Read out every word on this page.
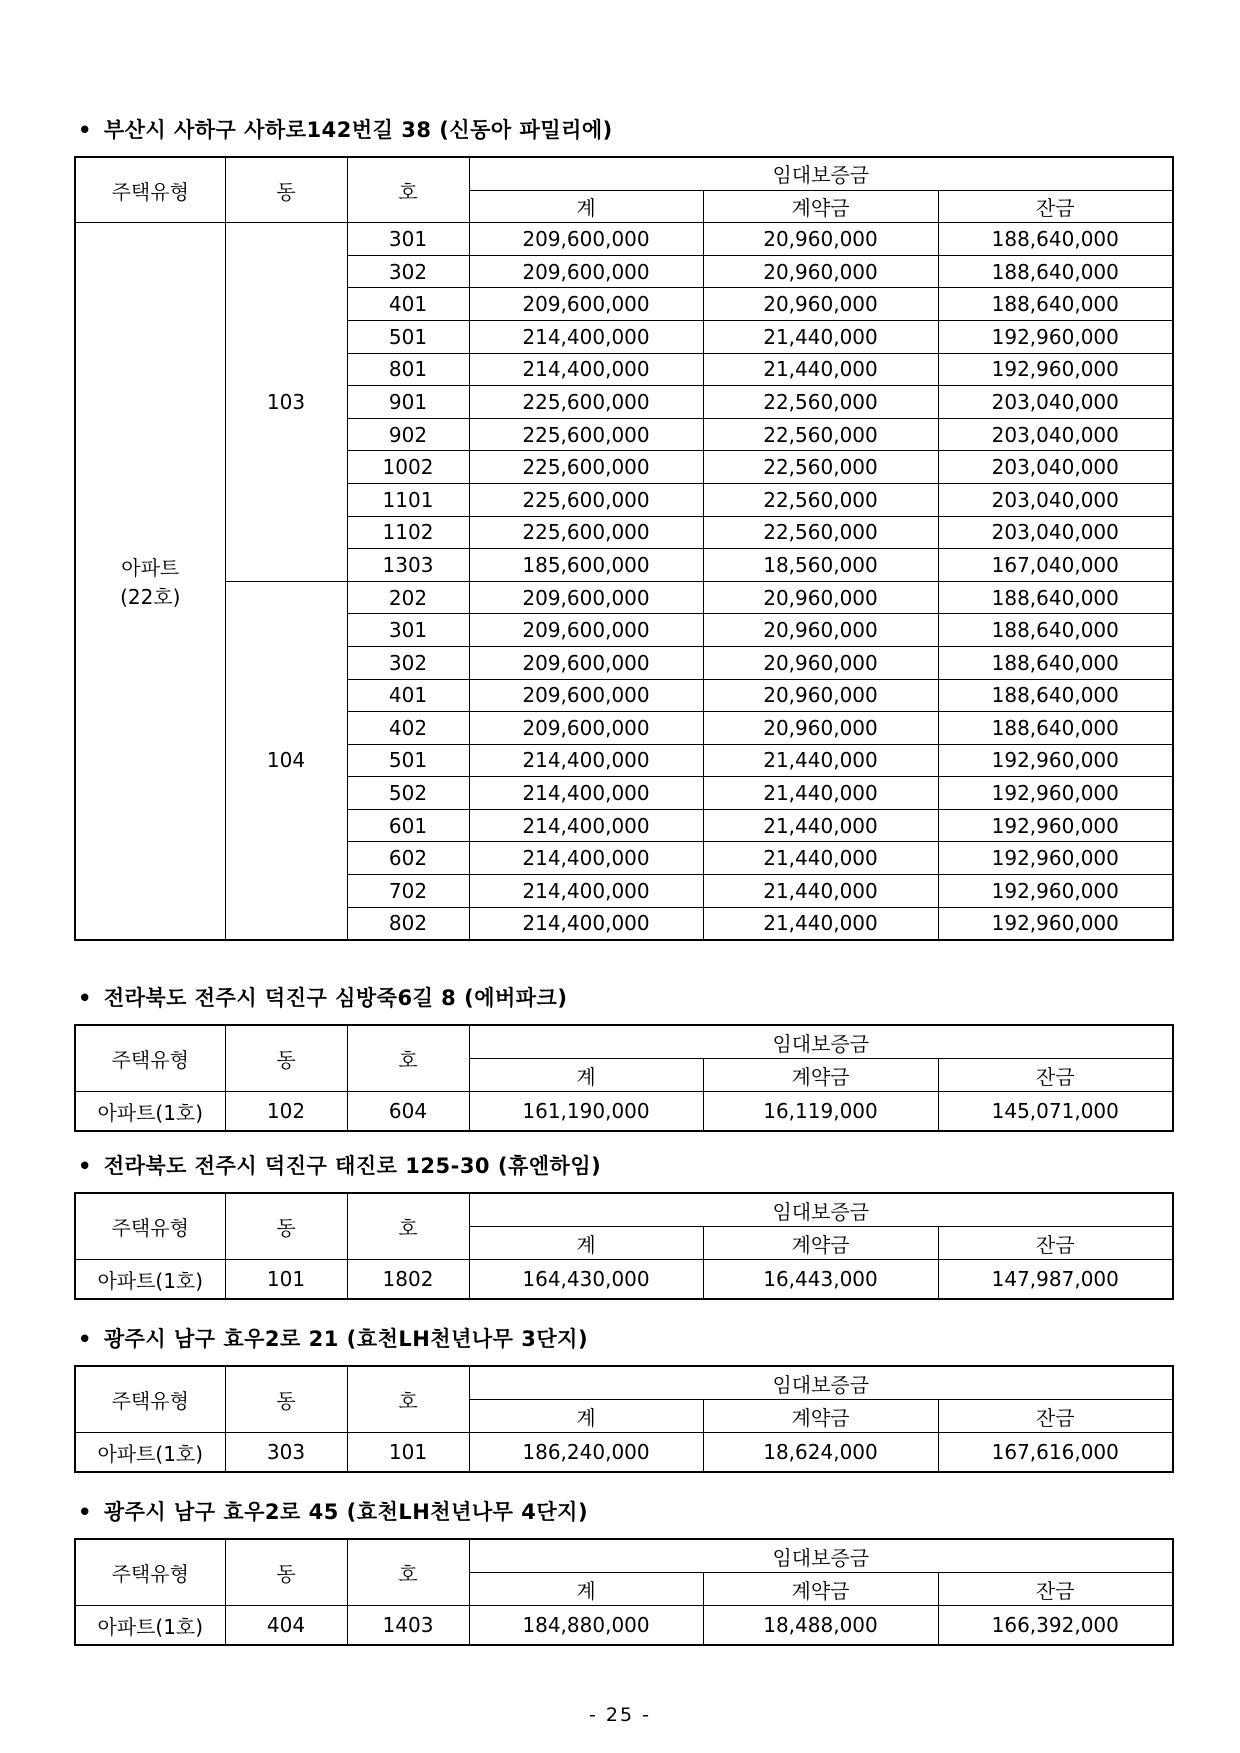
• 부산시 사하구 사하로142번길 38 (신동아 파밀리에)
주택유형	동	호	임대보증금		
			계	계약금	잔금

아파트
(22호)	103	301	209,600,000	20,960,000	188,640,000
		302	209,600,000	20,960,000	188,640,000
		401	209,600,000	20,960,000	188,640,000
		501	214,400,000	21,440,000	192,960,000
		801	214,400,000	21,440,000	192,960,000
		901	225,600,000	22,560,000	203,040,000
		902	225,600,000	22,560,000	203,040,000
		1002	225,600,000	22,560,000	203,040,000
		1101	225,600,000	22,560,000	203,040,000
		1102	225,600,000	22,560,000	203,040,000
		1303	185,600,000	18,560,000	167,040,000
	104	202	209,600,000	20,960,000	188,640,000
		301	209,600,000	20,960,000	188,640,000
		302	209,600,000	20,960,000	188,640,000
		401	209,600,000	20,960,000	188,640,000
		402	209,600,000	20,960,000	188,640,000
		501	214,400,000	21,440,000	192,960,000
		502	214,400,000	21,440,000	192,960,000
		601	214,400,000	21,440,000	192,960,000
		602	214,400,000	21,440,000	192,960,000
		702	214,400,000	21,440,000	192,960,000
		802	214,400,000	21,440,000	192,960,000
• 전라북도 전주시 덕진구 심방죽6길 8 (에버파크)
주택유형	동	호	임대보증금		
			계	계약금	잔금
아파트(1호)	102	604	161,190,000	16,119,000	145,071,000
• 전라북도 전주시 덕진구 태진로 125-30 (휴엔하임)
주택유형	동	호	임대보증금		
			계	계약금	잔금
아파트(1호)	101	1802	164,430,000	16,443,000	147,987,000
• 광주시 남구 효우2로 21 (효천LH천년나무 3단지)
주택유형	동	호	임대보증금		
			계	계약금	잔금
아파트(1호)	303	101	186,240,000	18,624,000	167,616,000
• 광주시 남구 효우2로 45 (효천LH천년나무 4단지)
주택유형	동	호	임대보증금		
			계	계약금	잔금
아파트(1호)	404	1403	184,880,000	18,488,000	166,392,000
- 25 -
